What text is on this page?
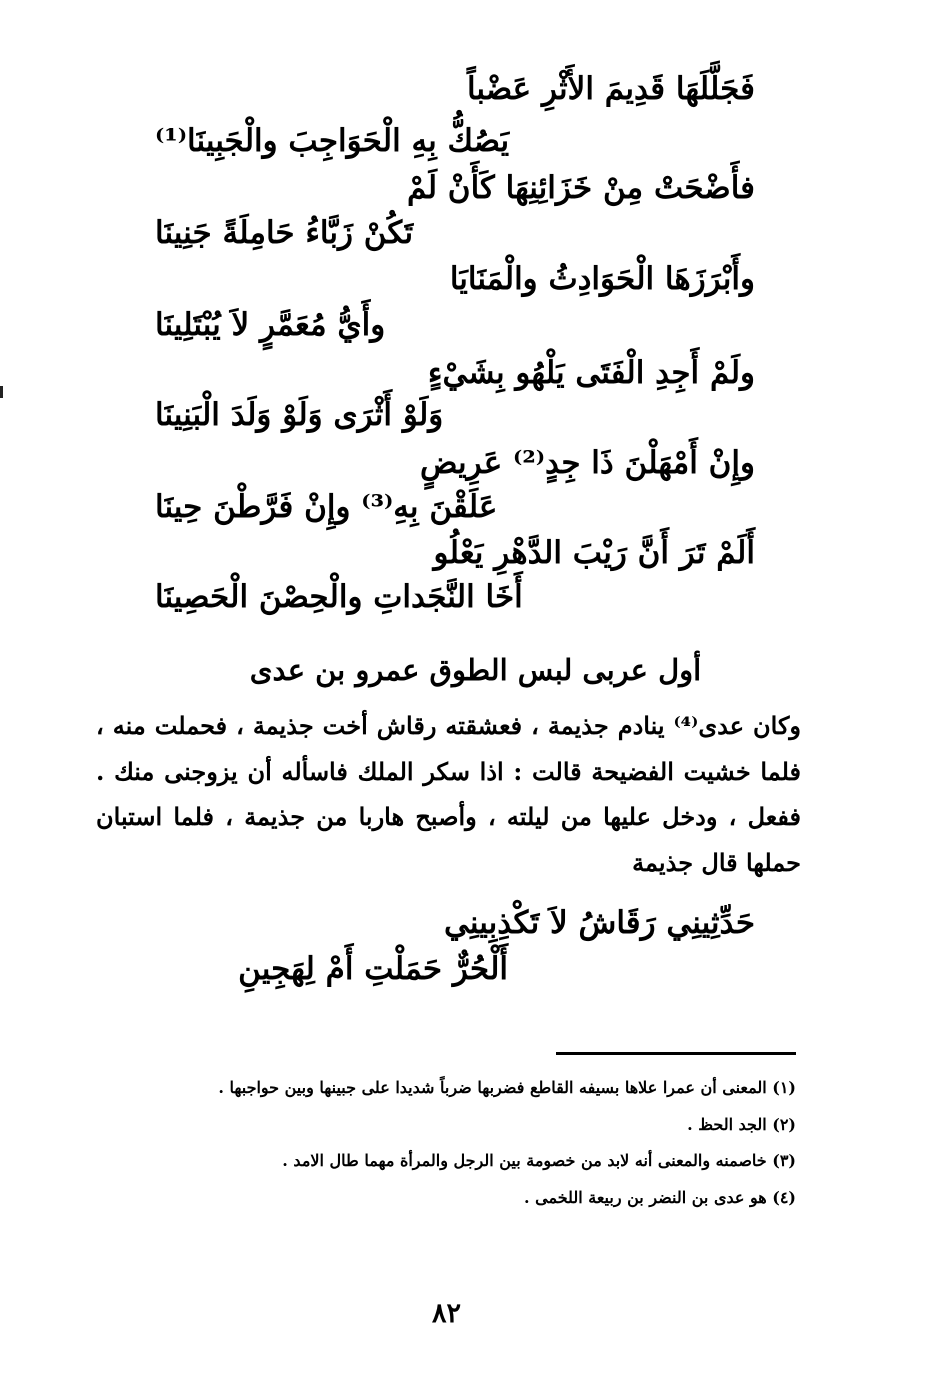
فَجَلَّلَهَا قَدِيمَ الأَثْرِ عَضْباً
يَصُكُّ بِهِ الْحَوَاجِبَ والْجَبِينَا⁽¹⁾
فأَضْحَتْ مِنْ خَزَائِنِهَا كَأَنْ لَمْ
تَكُنْ زَبَّاءُ حَامِلَةً جَنِينَا
وأَبْرَزَهَا الْحَوَادِثُ والْمَنَايَا
وأَيُّ مُعَمَّرٍ لاَ يُبْتَلِينَا
ولَمْ أَجِدِ الْفَتَى يَلْهُو بِشَيْءٍ
وَلَوْ أَثْرَى وَلَوْ وَلَدَ الْبَنِينَا
وإِنْ أَمْهَلْنَ ذَا جِدٍ⁽²⁾ عَرِيضٍ
عَلَقْنَ بِهِ⁽³⁾ وإِنْ فَرَّطْنَ حِينَا
أَلَمْ تَرَ أَنَّ رَيْبَ الدَّهْرِ يَعْلُو
أَخَا النَّجَداتِ والْحِصْنَ الْحَصِينَا
أول عربى لبس الطوق عمرو بن عدى
وكان عدى⁽⁴⁾ ينادم جذيمة ، فعشقته رقاش أخت جذيمة ، فحملت منه ، فلما خشيت الفضيحة قالت : اذا سكر الملك فاسأله أن يزوجنى منك . ففعل ، ودخل عليها من ليلته ، وأصبح هاربا من جذيمة ، فلما استبان حملها قال جذيمة
حَدِّثِينِي رَقَاشُ لاَ تَكْذِبِينِي
أَلْحُرٌّ حَمَلْتِ أَمْ لِهَجِينِ
(١) المعنى أن عمرا علاها بسيفه القاطع فضربها ضرباً شديدا على جبينها وبين حواجبها .
(٢) الجد الحظ .
(٣) خاصمنه والمعنى أنه لابد من خصومة بين الرجل والمرأة مهما طال الامد .
(٤) هو عدى بن النضر بن ربيعة اللخمى .
٨٢
